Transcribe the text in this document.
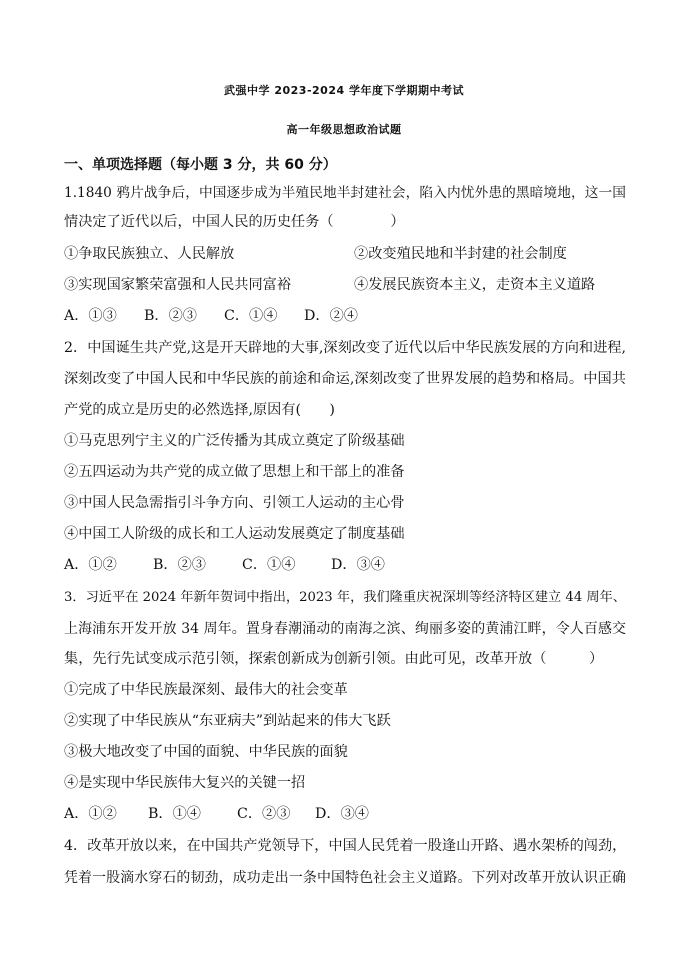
武强中学 2023-2024 学年度下学期期中考试
高一年级思想政治试题
一、单项选择题（每小题 3 分，共 60 分）
1.1840 鸦片战争后，中国逐步成为半殖民地半封建社会，陷入内忧外患的黑暗境地，这一国
情决定了近代以后，中国人民的历史任务（　　　　）
①争取民族独立、人民解放	②改变殖民地和半封建的社会制度
③实现国家繁荣富强和人民共同富裕	④发展民族资本主义，走资本主义道路
A．①③ B．②③ C．①④ D．②④
2．中国诞生共产党,这是开天辟地的大事,深刻改变了近代以后中华民族发展的方向和进程,
深刻改变了中国人民和中华民族的前途和命运,深刻改变了世界发展的趋势和格局。中国共
产党的成立是历史的必然选择,原因有(　　)
①马克思列宁主义的广泛传播为其成立奠定了阶级基础
②五四运动为共产党的成立做了思想上和干部上的准备
③中国人民急需指引斗争方向、引领工人运动的主心骨
④中国工人阶级的成长和工人运动发展奠定了制度基础
A．①②	B．②③	C．①④	D．③④
3．习近平在 2024 年新年贺词中指出，2023 年，我们隆重庆祝深圳等经济特区建立 44 周年、
上海浦东开发开放 34 周年。置身春潮涌动的南海之滨、绚丽多姿的黄浦江畔，令人百感交
集，先行先试变成示范引领，探索创新成为创新引领。由此可见，改革开放（　　　）
①完成了中华民族最深刻、最伟大的社会变革
②实现了中华民族从“东亚病夫”到站起来的伟大飞跃
③极大地改变了中国的面貌、中华民族的面貌
④是实现中华民族伟大复兴的关键一招
A．①② B．①④	C．②③ D．③④
4．改革开放以来，在中国共产党领导下，中国人民凭着一股逢山开路、遇水架桥的闯劲，
凭着一股滴水穿石的韧劲，成功走出一条中国特色社会主义道路。下列对改革开放认识正确
